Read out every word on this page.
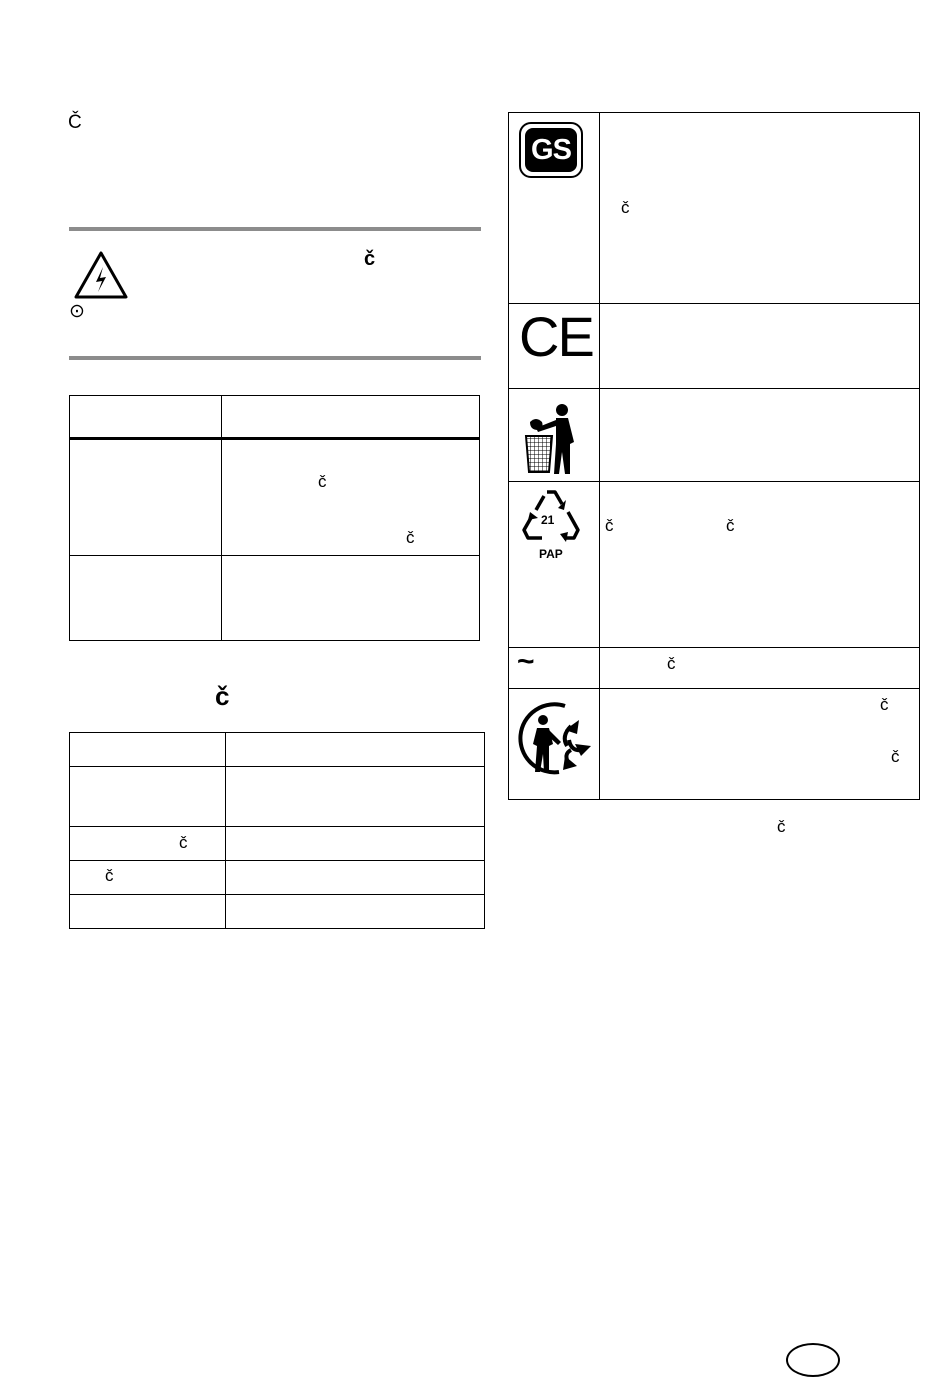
Č
č
⊙
č
č
č
č
č
GS
č
CE
21
PAP
č	č
~	č
č
č
č
